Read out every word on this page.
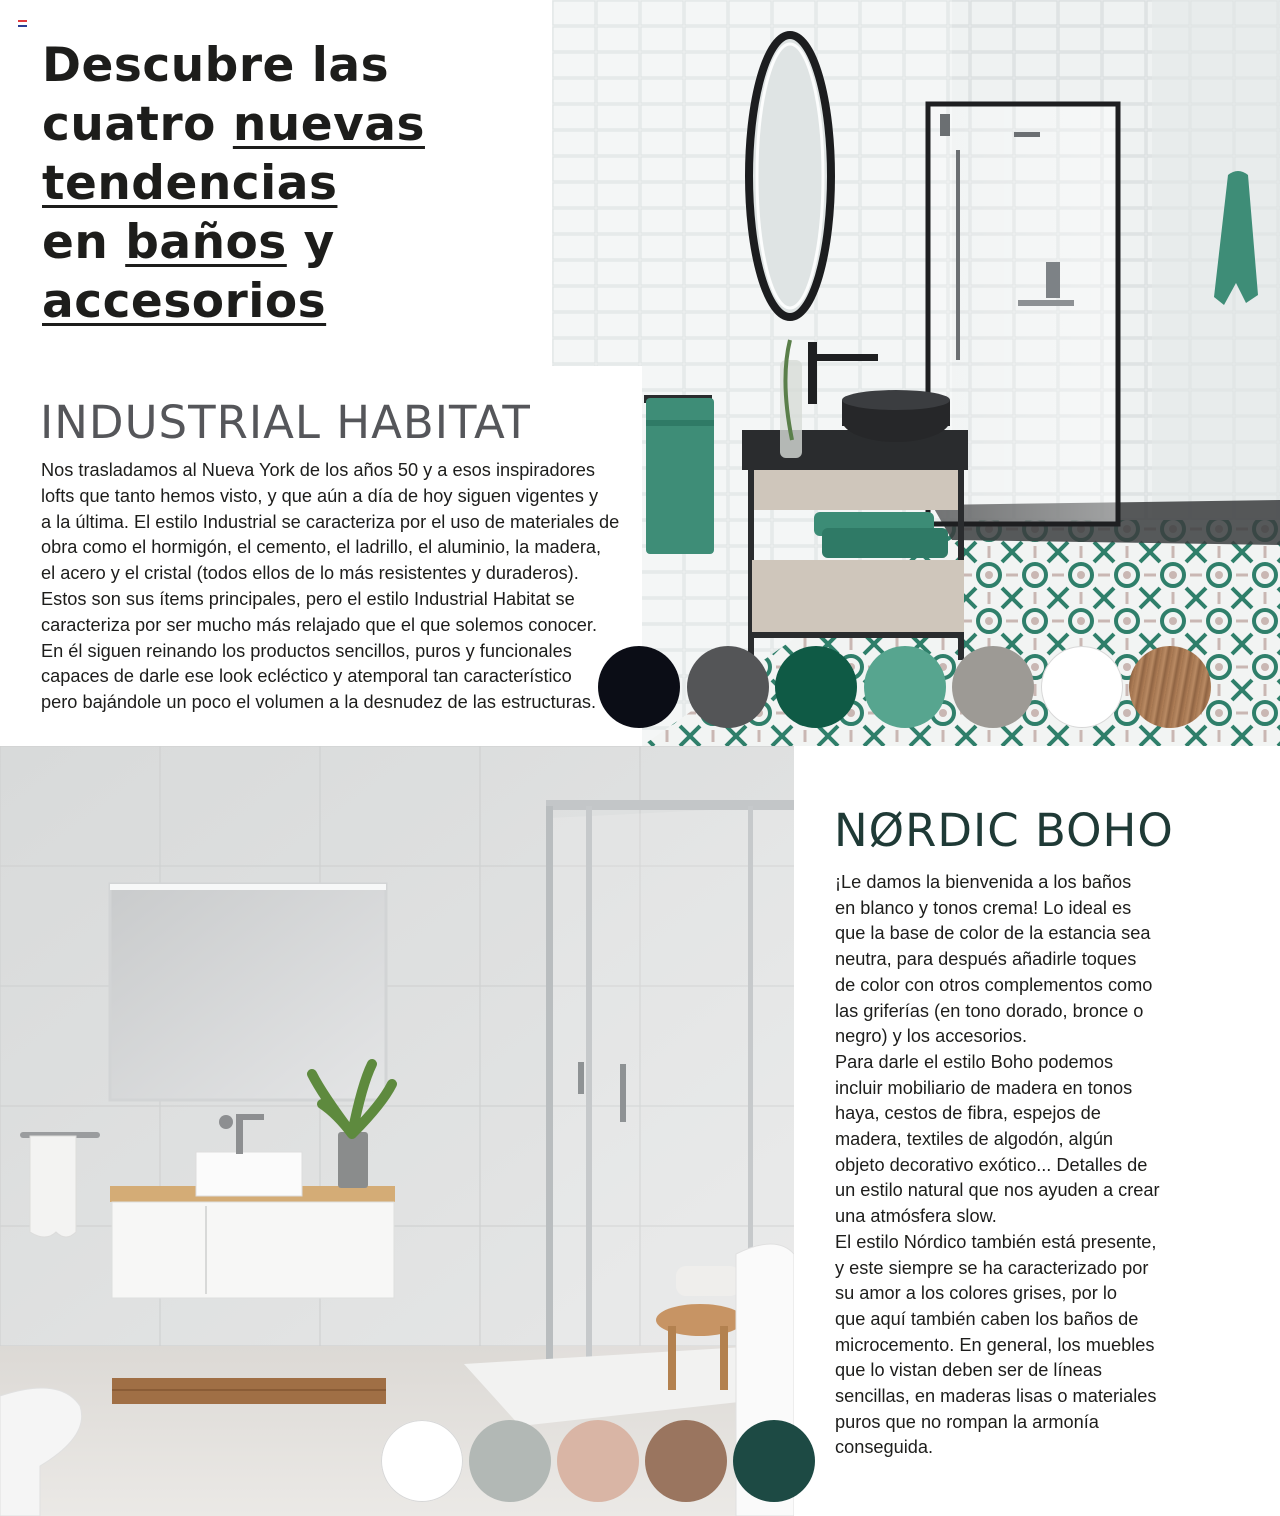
Descubre las
cuatro nuevas
tendencias
en baños y
accesorios
INDUSTRIAL HABITAT
Nos trasladamos al Nueva York de los años 50 y a esos inspiradores
lofts que tanto hemos visto, y que aún a día de hoy siguen vigentes y
a la última. El estilo Industrial se caracteriza por el uso de materiales de
obra como el hormigón, el cemento, el ladrillo, el aluminio, la madera,
el acero y el cristal (todos ellos de lo más resistentes y duraderos).
Estos son sus ítems principales, pero el estilo Industrial Habitat se
caracteriza por ser mucho más relajado que el que solemos conocer.
En él siguen reinando los productos sencillos, puros y funcionales
capaces de darle ese look ecléctico y atemporal tan característico
pero bajándole un poco el volumen a la desnudez de las estructuras.
NØRDIC BOHO
¡Le damos la bienvenida a los baños
en blanco y tonos crema! Lo ideal es
que la base de color de la estancia sea
neutra, para después añadirle toques
de color con otros complementos como
las griferías (en tono dorado, bronce o
negro) y los accesorios.
Para darle el estilo Boho podemos
incluir mobiliario de madera en tonos
haya, cestos de fibra, espejos de
madera, textiles de algodón, algún
objeto decorativo exótico... Detalles de
un estilo natural que nos ayuden a crear
una atmósfera slow.
El estilo Nórdico también está presente,
y este siempre se ha caracterizado por
su amor a los colores grises, por lo
que aquí también caben los baños de
microcemento. En general, los muebles
que lo vistan deben ser de líneas
sencillas, en maderas lisas o materiales
puros que no rompan la armonía
conseguida.
